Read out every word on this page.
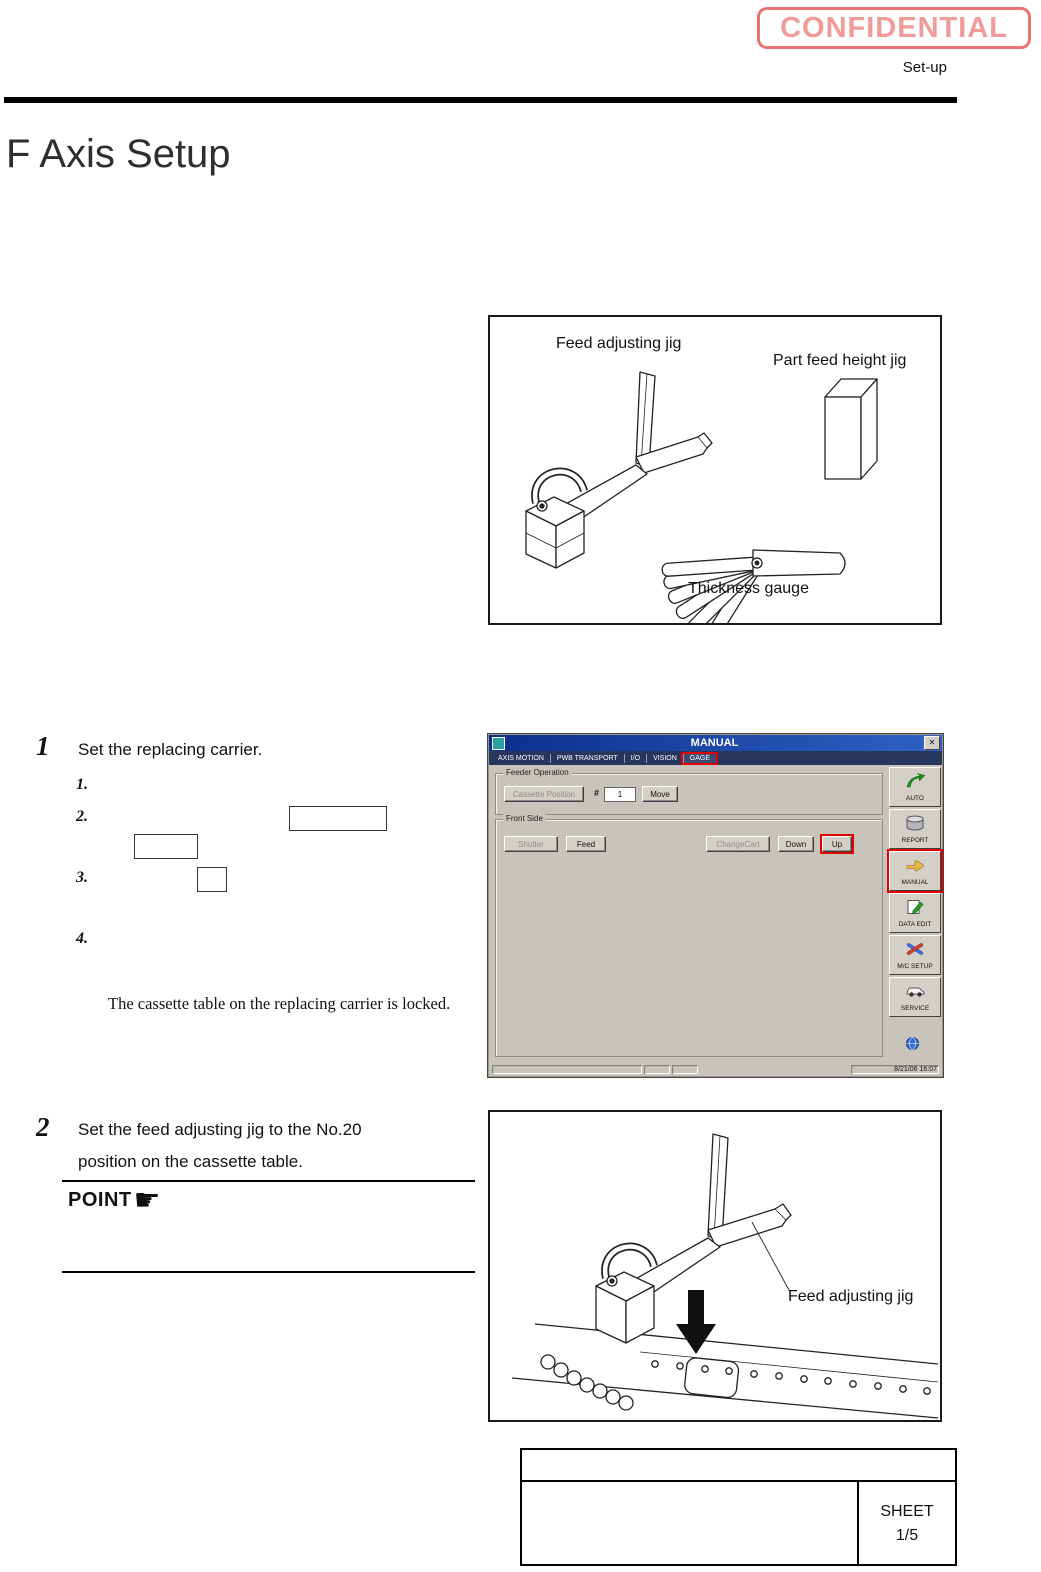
CONFIDENTIAL
Set-up
F Axis Setup
Feed adjusting jig
Part feed height jig
Thickness gauge
1 Set the replacing carrier.
1.
2.
3.
4.
The cassette table on the replacing carrier is locked.
MANUAL	✕
AXIS MOTION	PWB TRANSPORT	I/O	VISION	GAGE
Feeder Operation
Cassette Position	#
1	Move
Front Side
Shutter	Feed	ChangeCart	Down	Up
AUTO
REPORT
MANUAL
DATA EDIT
M/C SETUP
SERVICE
8/21/06 16:07
2 Set the feed adjusting jig to the No.20
position on the cassette table.
POINT ☛
Feed adjusting jig
SHEET
1/5
